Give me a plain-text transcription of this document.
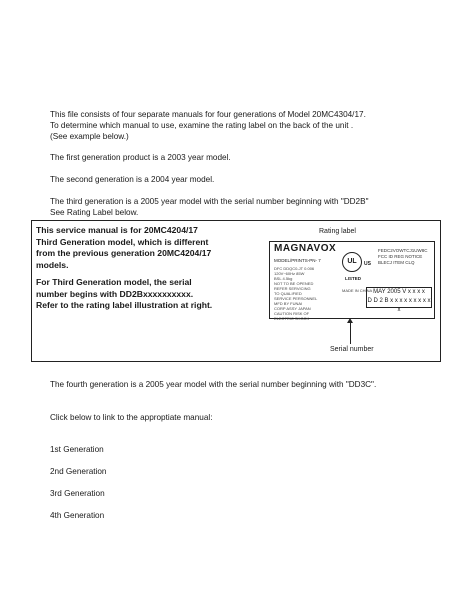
This file consists of four separate manuals for four generations of Model 20MC4304/17.
To determine which manual to use, examine the rating label on the back of the unit .
(See example below.)
The first generation product is a 2003 year model.
The second generation is a 2004 year model.
The third generation is a 2005 year model with the serial number beginning with "DD2B"
See Rating Label below.
This service manual is for 20MC4204/17
Third Generation model, which is different
from the previous generation 20MC4204/17
models.
For Third Generation model, the serial
number begins with DD2Bxxxxxxxxxx.
Refer to the rating label illustration at right.
Rating label
MAGNAVOX
MODEL/PRINTS-PN- 7
DFC DDQC0-JT 0.006
120V~60Hz 85W
BSL 4.5kg
NOT TO BE OPENED
REFER SERVICING
TO QUALIFIED
SERVICE PERSONNEL
MFD BY FUNAI
CORP ASSY JAPAN
CAUTION RISK OF
ELECTRIC SHOCK
UL	US
LISTED
FEDC2VOWTCJ1UW8C
FCC ID REG NOTICE
BLECJ ITEM CLQ
MADE IN CHINA MAY 2005 V x x x x
D D 2 B x x x x x x x x x x
Serial number
The fourth generation is a 2005 year model with the serial number beginning with "DD3C".
Click below to link to the approptiate manual:
1st Generation
2nd Generation
3rd Generation
4th Generation
